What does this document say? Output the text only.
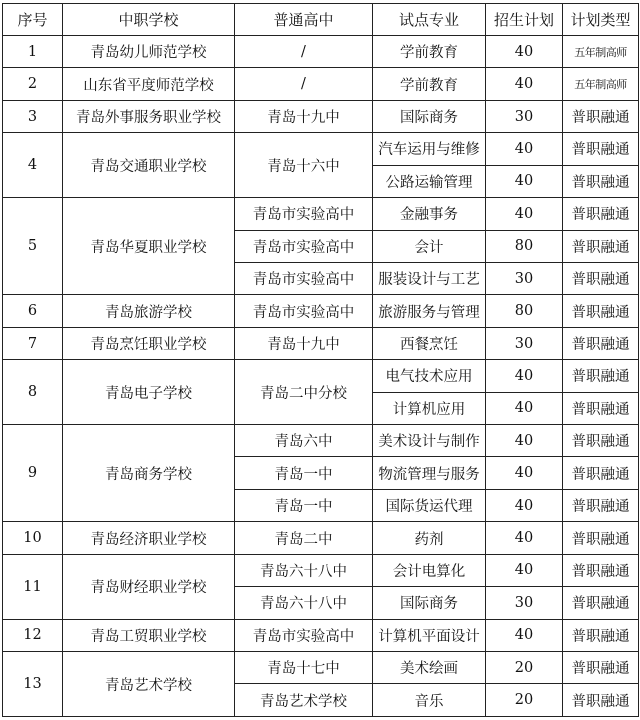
序号	中职学校	普通高中	试点专业	招生计划	计划类型
1	青岛幼儿师范学校	/	学前教育	40	五年制高师
2	山东省平度师范学校	/	学前教育	40	五年制高师
3	青岛外事服务职业学校	青岛十九中	国际商务	30	普职融通
4	青岛交通职业学校	青岛十六中	汽车运用与维修	40	普职融通
			公路运输管理	40	普职融通
5	青岛华夏职业学校	青岛市实验高中	金融事务	40	普职融通
		青岛市实验高中	会计	80	普职融通
		青岛市实验高中	服装设计与工艺	30	普职融通
6	青岛旅游学校	青岛市实验高中	旅游服务与管理	80	普职融通
7	青岛烹饪职业学校	青岛十九中	西餐烹饪	30	普职融通
8	青岛电子学校	青岛二中分校	电气技术应用	40	普职融通
			计算机应用	40	普职融通
9	青岛商务学校	青岛六中	美术设计与制作	40	普职融通
		青岛一中	物流管理与服务	40	普职融通
		青岛一中	国际货运代理	40	普职融通
10	青岛经济职业学校	青岛二中	药剂	40	普职融通
11	青岛财经职业学校	青岛六十八中	会计电算化	40	普职融通
		青岛六十八中	国际商务	30	普职融通
12	青岛工贸职业学校	青岛市实验高中	计算机平面设计	40	普职融通
13	青岛艺术学校	青岛十七中	美术绘画	20	普职融通
		青岛艺术学校	音乐	20	普职融通
